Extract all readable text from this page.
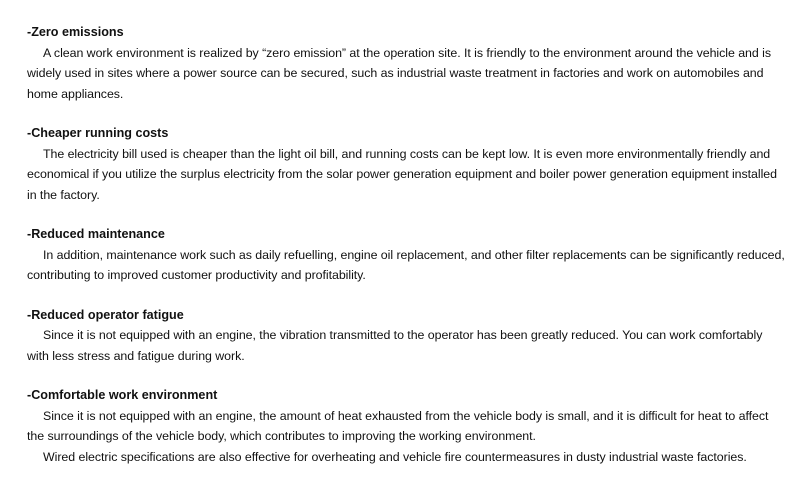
-Zero emissions

A clean work environment is realized by “zero emission” at the operation site. It is friendly to the environment around the vehicle and is widely used in sites where a power source can be secured, such as industrial waste treatment in factories and work on automobiles and home appliances.

-Cheaper running costs

The electricity bill used is cheaper than the light oil bill, and running costs can be kept low. It is even more environmentally friendly and economical if you utilize the surplus electricity from the solar power generation equipment and boiler power generation equipment installed in the factory.

-Reduced maintenance

In addition, maintenance work such as daily refuelling, engine oil replacement, and other filter replacements can be significantly reduced, contributing to improved customer productivity and profitability.

-Reduced operator fatigue

Since it is not equipped with an engine, the vibration transmitted to the operator has been greatly reduced. You can work comfortably with less stress and fatigue during work.

-Comfortable work environment

Since it is not equipped with an engine, the amount of heat exhausted from the vehicle body is small, and it is difficult for heat to affect the surroundings of the vehicle body, which contributes to improving the working environment.

Wired electric specifications are also effective for overheating and vehicle fire countermeasures in dusty industrial waste factories.
